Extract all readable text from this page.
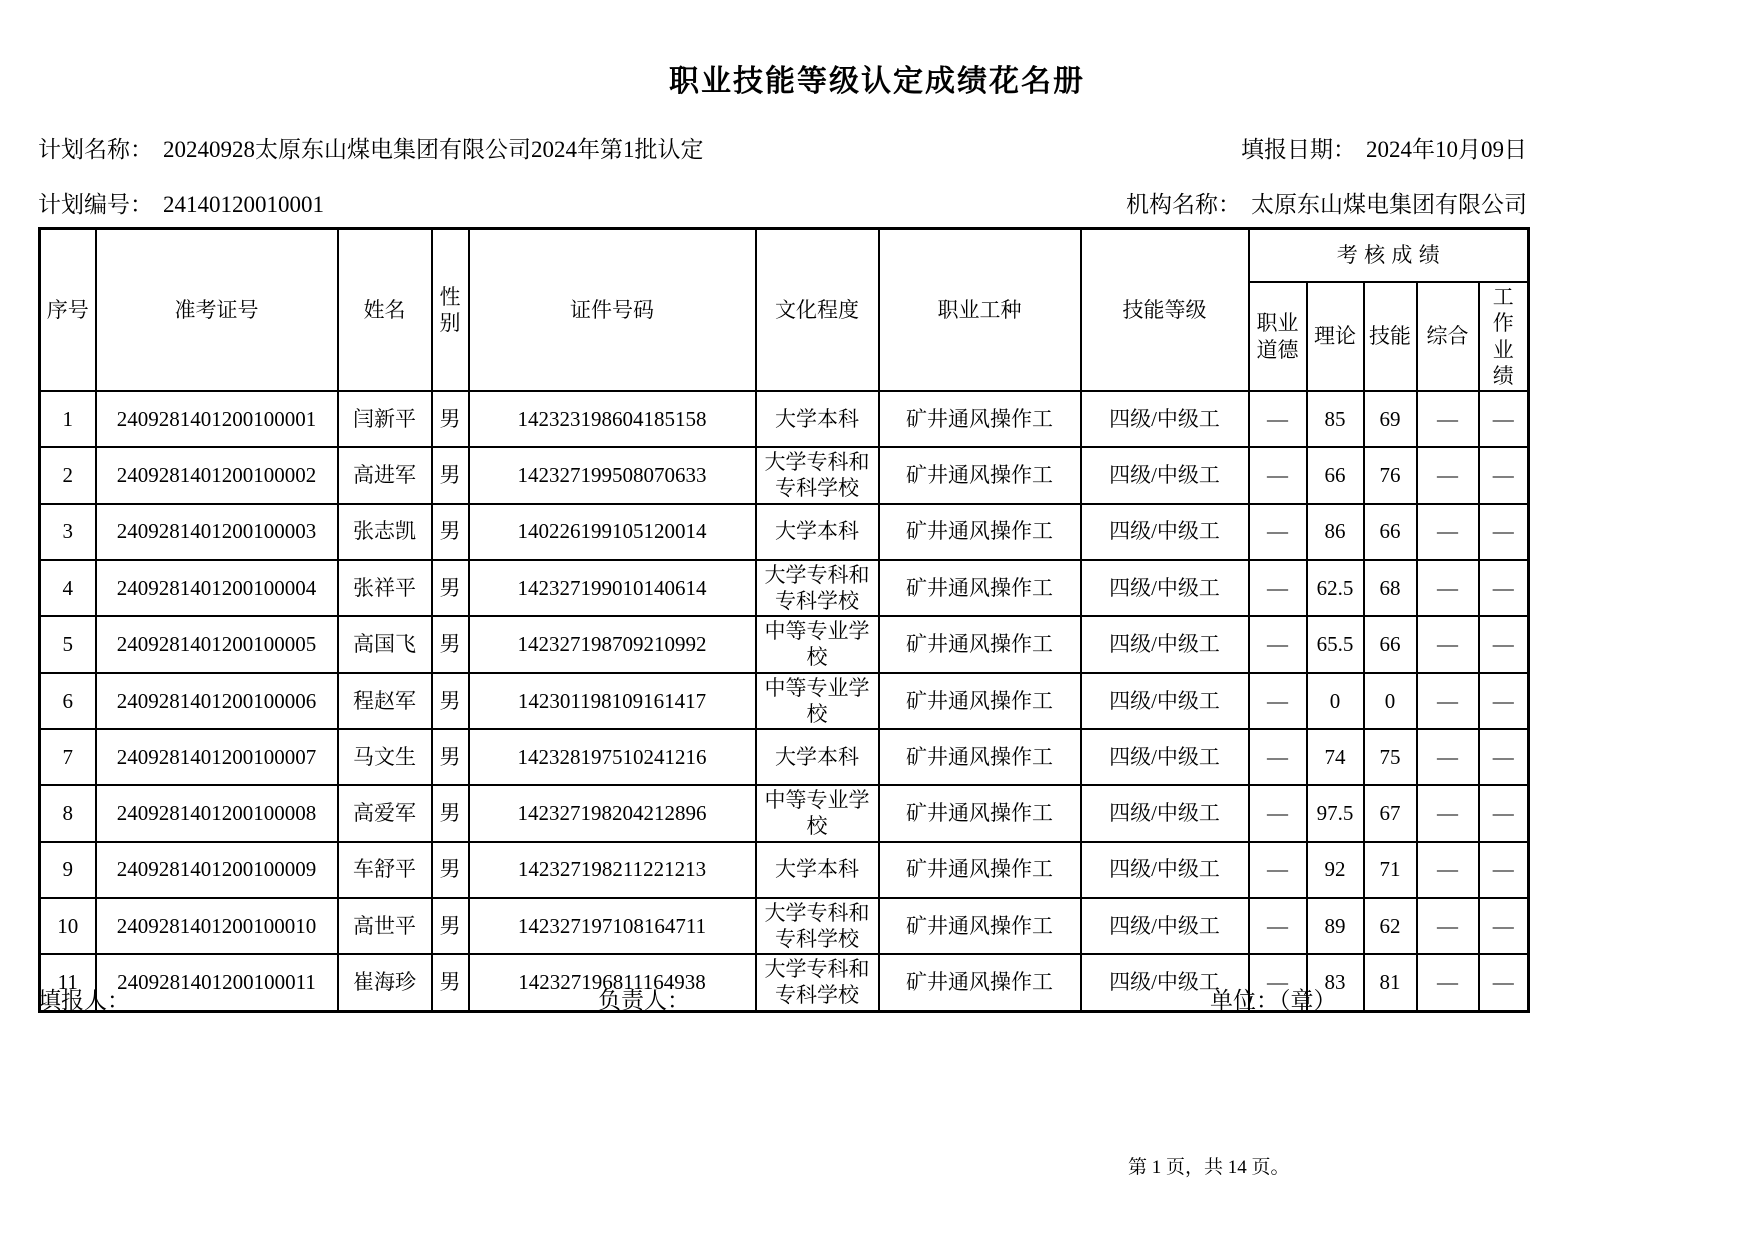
职业技能等级认定成绩花名册
计划名称： 20240928太原东山煤电集团有限公司2024年第1批认定	填报日期： 2024年10月09日
计划编号： 24140120010001	机构名称： 太原东山煤电集团有限公司
序号	准考证号	姓名	性别	证件号码	文化程度	职业工种	技能等级	考核成绩				
								职业道德	理论	技能	综合	工作业绩
1	2409281401200100001	闫新平	男	142323198604185158	大学本科	矿井通风操作工	四级/中级工	—	85	69	—	—
2	2409281401200100002	高进军	男	142327199508070633	大学专科和专科学校	矿井通风操作工	四级/中级工	—	66	76	—	—
3	2409281401200100003	张志凯	男	140226199105120014	大学本科	矿井通风操作工	四级/中级工	—	86	66	—	—
4	2409281401200100004	张祥平	男	142327199010140614	大学专科和专科学校	矿井通风操作工	四级/中级工	—	62.5	68	—	—
5	2409281401200100005	高国飞	男	142327198709210992	中等专业学校	矿井通风操作工	四级/中级工	—	65.5	66	—	—
6	2409281401200100006	程赵军	男	142301198109161417	中等专业学校	矿井通风操作工	四级/中级工	—	0	0	—	—
7	2409281401200100007	马文生	男	142328197510241216	大学本科	矿井通风操作工	四级/中级工	—	74	75	—	—
8	2409281401200100008	高爱军	男	142327198204212896	中等专业学校	矿井通风操作工	四级/中级工	—	97.5	67	—	—
9	2409281401200100009	车舒平	男	142327198211221213	大学本科	矿井通风操作工	四级/中级工	—	92	71	—	—
10	2409281401200100010	高世平	男	142327197108164711	大学专科和专科学校	矿井通风操作工	四级/中级工	—	89	62	—	—
11	2409281401200100011	崔海珍	男	142327196811164938	大学专科和专科学校	矿井通风操作工	四级/中级工	—	83	81	—	—
填报人：	负责人：	单位：（章）
第 1 页，共 14 页。
